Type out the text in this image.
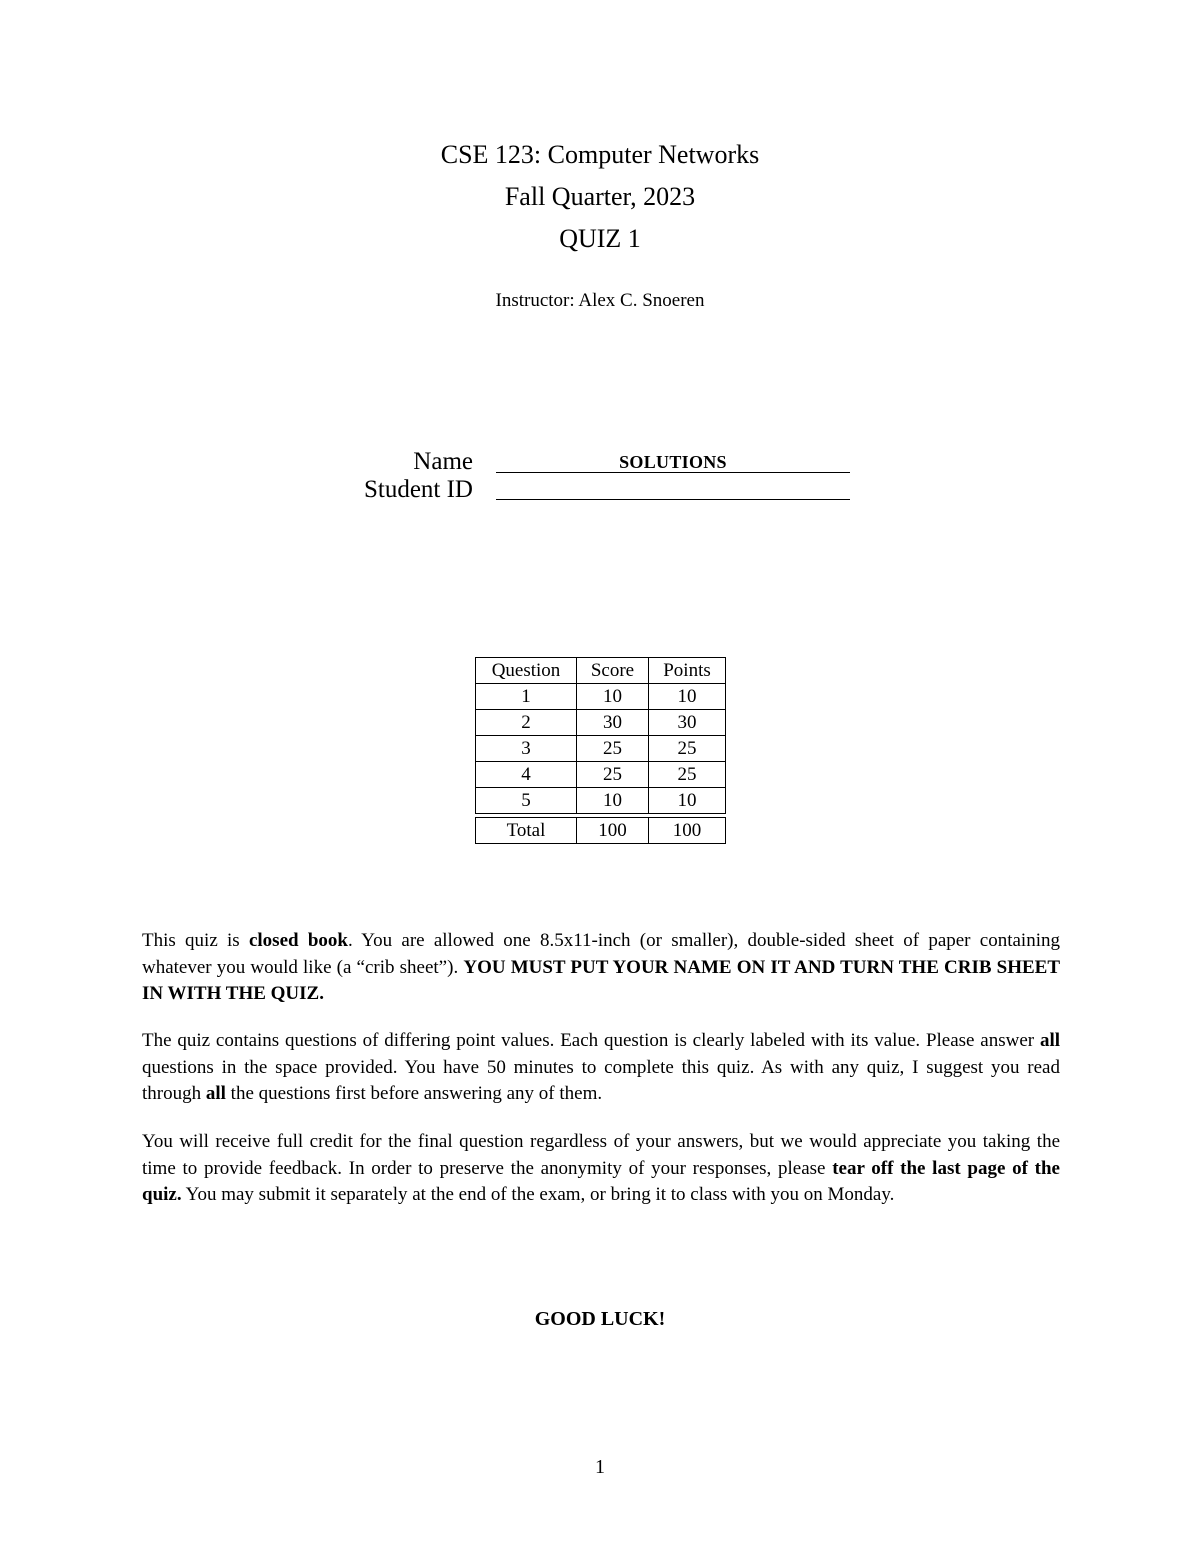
CSE 123: Computer Networks
Fall Quarter, 2023
QUIZ 1
Instructor: Alex C. Snoeren
Name	SOLUTIONS
Student ID
Question	Score	Points
1	10	10
2	30	30
3	25	25
4	25	25
5	10	10

Total	100	100

This quiz is closed book. You are allowed one 8.5x11-inch (or smaller), double-sided sheet of paper containing whatever you would like (a “crib sheet”). YOU MUST PUT YOUR NAME ON IT AND TURN THE CRIB SHEET IN WITH THE QUIZ.

The quiz contains questions of differing point values. Each question is clearly labeled with its value. Please answer all questions in the space provided. You have 50 minutes to complete this quiz. As with any quiz, I suggest you read through all the questions first before answering any of them.

You will receive full credit for the final question regardless of your answers, but we would appreciate you taking the time to provide feedback. In order to preserve the anonymity of your responses, please tear off the last page of the quiz. You may submit it separately at the end of the exam, or bring it to class with you on Monday.

GOOD LUCK!
1
